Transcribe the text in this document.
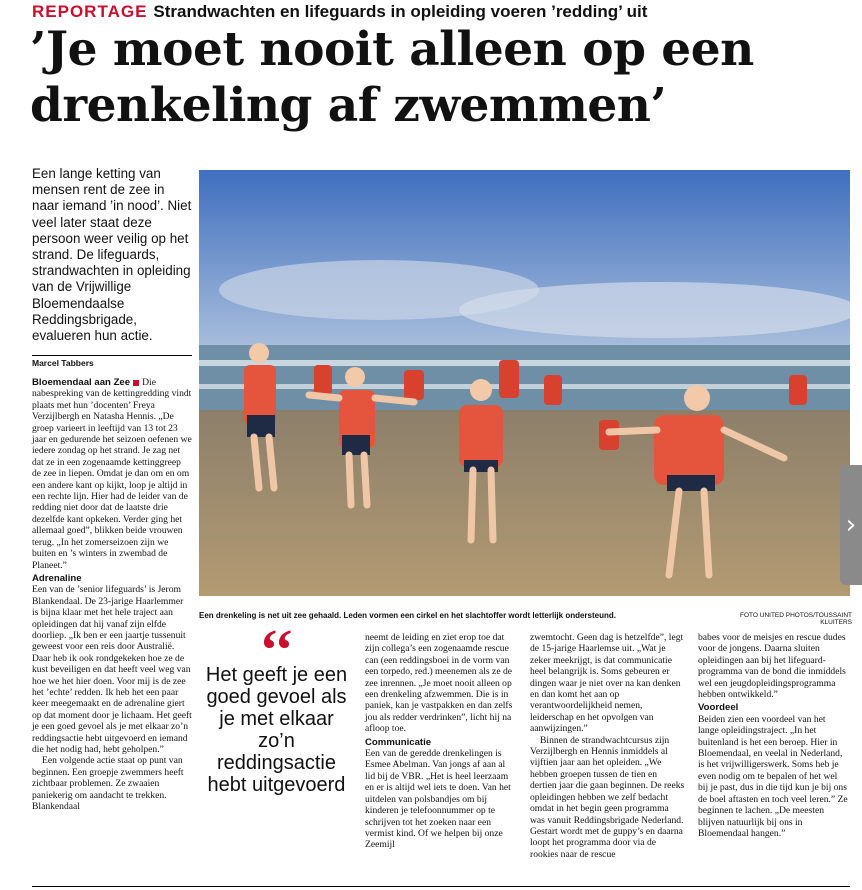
REPORTAGE Strandwachten en lifeguards in opleiding voeren ’redding’ uit
’Je moet nooit alleen op een drenkeling af zwemmen’
Een lange ketting van mensen rent de zee in naar iemand ’in nood’. Niet veel later staat deze persoon weer veilig op het strand. De lifeguards, strandwachten in opleiding van de Vrijwillige Bloemendaalse Reddingsbrigade, evalueren hun actie.
Marcel Tabbers

Bloemendaal aan Zee Die nabespreking van de kettingredding vindt plaats met hun ’docenten’ Freya Verzijlbergh en Natasha Hennis. „De groep varieert in leeftijd van 13 tot 23 jaar en gedurende het seizoen oefenen we iedere zondag op het strand. Je zag net dat ze in een zogenaamde kettinggreep de zee in liepen. Omdat je dan om en om een andere kant op kijkt, loop je altijd in een rechte lijn. Hier had de leider van de redding niet door dat de laatste drie dezelfde kant opkeken. Verder ging het allemaal goed”, blikken beide vrouwen terug. „In het zomerseizoen zijn we buiten en ’s winters in zwembad de Planeet.”

Adrenaline

Een van de ’senior lifeguards’ is Jerom Blankendaal. De 23-jarige Haarlemmer is bijna klaar met het hele traject aan opleidingen dat hij vanaf zijn elfde doorliep. „Ik ben er een jaartje tussenuit geweest voor een reis door Australië. Daar heb ik ook rondgekeken hoe ze de kust beveiligen en dat heeft veel weg van hoe we het hier doen. Voor mij is de zee het ’echte’ redden. Ik heb het een paar keer meegemaakt en de adrenaline giert op dat moment door je lichaam. Het geeft je een goed gevoel als je met elkaar zo’n reddingsactie hebt uitgevoerd en iemand die het nodig had, hebt geholpen.”

Een volgende actie staat op punt van beginnen. Een groepje zwemmers heeft zichtbaar problemen. Ze zwaaien paniekerig om aandacht te trekken. Blankendaal

Een drenkeling is net uit zee gehaald. Leden vormen een cirkel en het slachtoffer wordt letterlijk ondersteund.	FOTO UNITED PHOTOS/TOUSSAINT KLUITERS
‘‘
Het geeft je een goed gevoel als je met elkaar zo’n reddingsactie hebt uitgevoerd

neemt de leiding en ziet erop toe dat zijn collega’s een zogenaamde rescue can (een reddingsboei in de vorm van een torpedo, red.) meenemen als ze de zee inrennen. „Je moet nooit alleen op een drenkeling afzwemmen. Die is in paniek, kan je vastpakken en dan zelfs jou als redder verdrinken”, licht hij na afloop toe.

Communicatie

Een van de geredde drenkelingen is Esmee Abelman. Van jongs af aan al lid bij de VBR. „Het is heel leerzaam en er is altijd wel iets te doen. Van het uitdelen van polsbandjes om bij kinderen je telefoonnummer op te schrijven tot het zoeken naar een vermist kind. Of we helpen bij onze Zeemijl

zwemtocht. Geen dag is hetzelfde”, legt de 15-jarige Haarlemse uit. „Wat je zeker meekrijgt, is dat communicatie heel belangrijk is. Soms gebeuren er dingen waar je niet over na kan denken en dan komt het aan op verantwoordelijkheid nemen, leiderschap en het opvolgen van aanwijzingen.”

Binnen de strandwachtcursus zijn Verzijlbergh en Hennis inmiddels al vijftien jaar aan het opleiden. „We hebben groepen tussen de tien en dertien jaar die gaan beginnen. De reeks opleidingen hebben we zelf bedacht omdat in het begin geen programma was vanuit Reddingsbrigade Nederland. Gestart wordt met de guppy’s en daarna loopt het programma door via de rookies naar de rescue

babes voor de meisjes en rescue dudes voor de jongens. Daarna sluiten opleidingen aan bij het lifeguard-programma van de bond die inmiddels wel een jeugdopleidingsprogramma hebben ontwikkeld.”

Voordeel

Beiden zien een voordeel van het lange opleidingstraject. „In het buitenland is het een beroep. Hier in Bloemendaal, en veelal in Nederland, is het vrijwilligerswerk. Soms heb je even nodig om te bepalen of het wel bij je past, dus in die tijd kun je bij ons de boel aftasten en toch veel leren.” Ze beginnen te lachen. „De meesten blijven natuurlijk bij ons in Bloemendaal hangen.”

›
